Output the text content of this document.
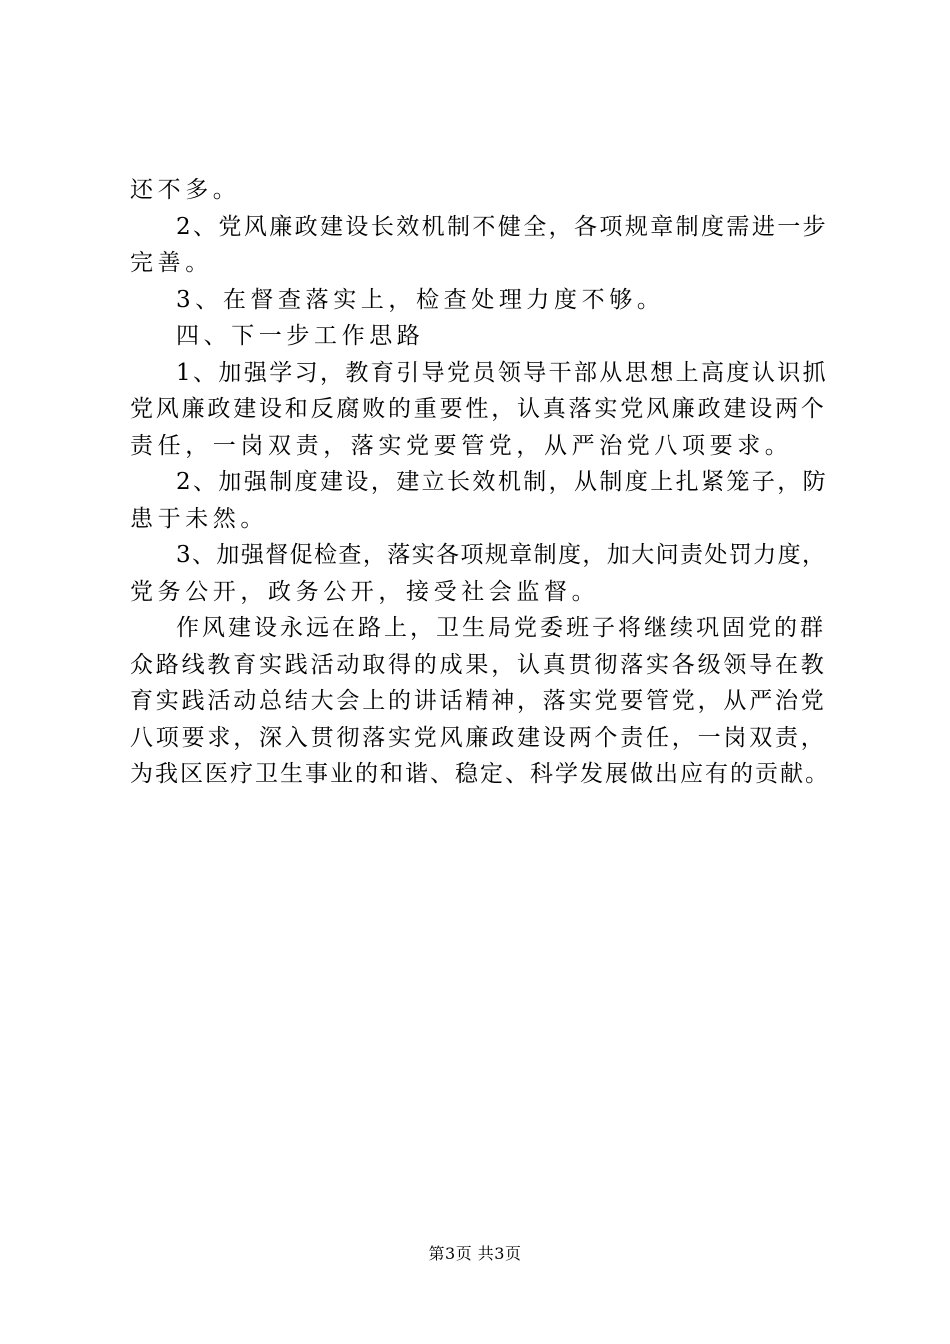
还不多。
2、党风廉政建设长效机制不健全，各项规章制度需进一步
完善。
3、在督查落实上，检查处理力度不够。
四、下一步工作思路
1、加强学习，教育引导党员领导干部从思想上高度认识抓
党风廉政建设和反腐败的重要性，认真落实党风廉政建设两个
责任，一岗双责，落实党要管党，从严治党八项要求。
2、加强制度建设，建立长效机制，从制度上扎紧笼子，防
患于未然。
3、加强督促检查，落实各项规章制度，加大问责处罚力度，
党务公开，政务公开，接受社会监督。
作风建设永远在路上，卫生局党委班子将继续巩固党的群
众路线教育实践活动取得的成果，认真贯彻落实各级领导在教
育实践活动总结大会上的讲话精神，落实党要管党，从严治党
八项要求，深入贯彻落实党风廉政建设两个责任，一岗双责，
为我区医疗卫生事业的和谐、稳定、科学发展做出应有的贡献。
第3页 共3页
